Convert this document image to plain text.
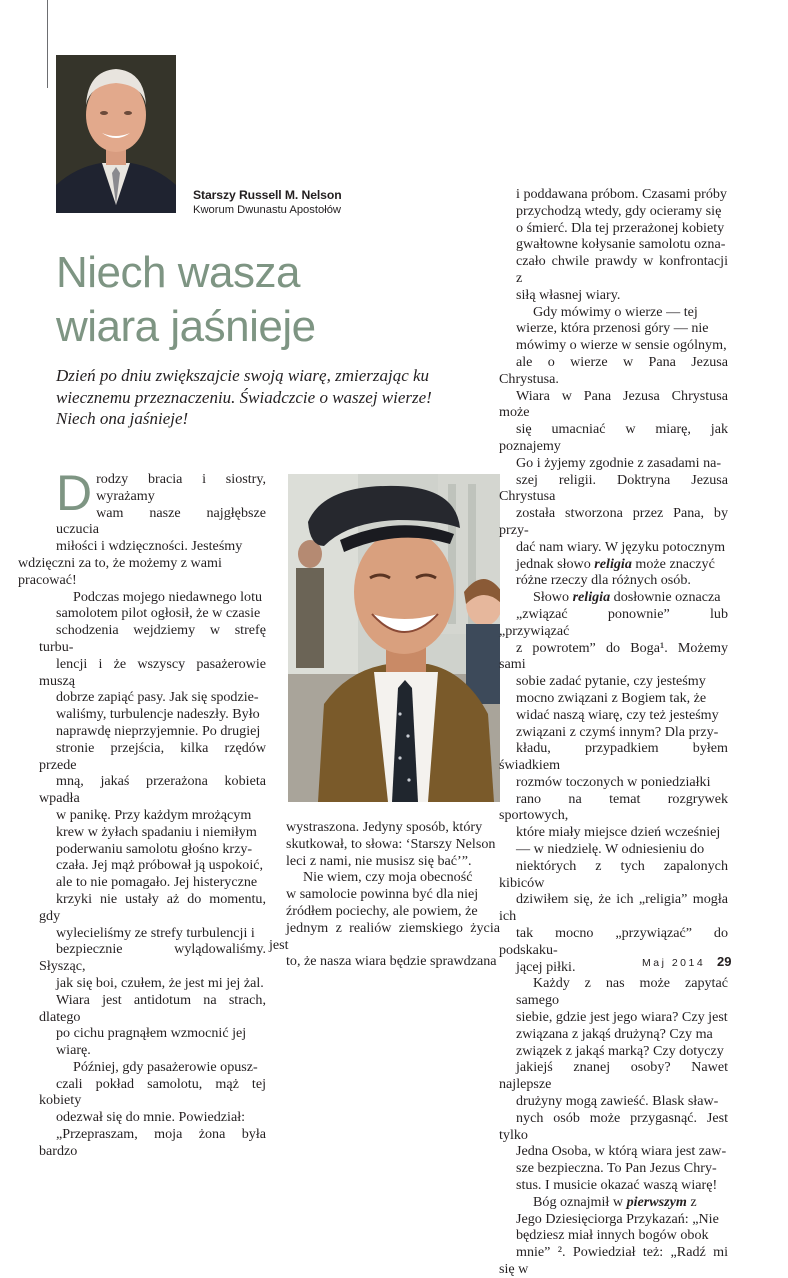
Starszy Russell M. Nelson
Kworum Dwunastu Apostołów
Niech wasza
wiara jaśnieje

Dzień po dniu zwiększajcie swoją wiarę, zmierzając ku
wiecznemu przeznaczeniu. Świadczcie o waszej wierze!
Niech ona jaśnieje!

D rodzy bracia i siostry, wyrażamy
wam nasze najgłębsze uczucia
miłości i wdzięczności. Jesteśmy
wdzięczni za to, że możemy z wami
pracować!

Podczas mojego niedawnego lotu
samolotem pilot ogłosił, że w czasie
schodzenia wejdziemy w strefę turbu-
lencji i że wszyscy pasażerowie muszą
dobrze zapiąć pasy. Jak się spodzie-
waliśmy, turbulencje nadeszły. Było
naprawdę nieprzyjemnie. Po drugiej
stronie przejścia, kilka rzędów przede
mną, jakaś przerażona kobieta wpadła
w panikę. Przy każdym mrożącym
krew w żyłach spadaniu i niemiłym
poderwaniu samolotu głośno krzy-
czała. Jej mąż próbował ją uspokoić,
ale to nie pomagało. Jej histeryczne
krzyki nie ustały aż do momentu, gdy
wylecieliśmy ze strefy turbulencji i
bezpiecznie wylądowaliśmy. Słysząc,
jak się boi, czułem, że jest mi jej żal.
Wiara jest antidotum na strach, dlatego
po cichu pragnąłem wzmocnić jej
wiarę.

Później, gdy pasażerowie opusz-
czali pokład samolotu, mąż tej kobiety
odezwał się do mnie. Powiedział:
„Przepraszam, moja żona była bardzo

wystraszona. Jedyny sposób, który
skutkował, to słowa: ‘Starszy Nelson
leci z nami, nie musisz się bać’”.

Nie wiem, czy moja obecność
w samolocie powinna być dla niej
źródłem pociechy, ale powiem, że
jednym z realiów ziemskiego życia jest
to, że nasza wiara będzie sprawdzana

i poddawana próbom. Czasami próby
przychodzą wtedy, gdy ocieramy się
o śmierć. Dla tej przerażonej kobiety
gwałtowne kołysanie samolotu ozna-
czało chwile prawdy w konfrontacji z
siłą własnej wiary.

Gdy mówimy o wierze — tej
wierze, która przenosi góry — nie
mówimy o wierze w sensie ogólnym,
ale o wierze w Pana Jezusa Chrystusa.
Wiara w Pana Jezusa Chrystusa może
się umacniać w miarę, jak poznajemy
Go i żyjemy zgodnie z zasadami na-
szej religii. Doktryna Jezusa Chrystusa
została stworzona przez Pana, by przy-
dać nam wiary. W języku potocznym
jednak słowo religia może znaczyć
różne rzeczy dla różnych osób.

Słowo religia dosłownie oznacza
„związać ponownie” lub „przywiązać
z powrotem” do Boga¹. Możemy sami
sobie zadać pytanie, czy jesteśmy
mocno związani z Bogiem tak, że
widać naszą wiarę, czy też jesteśmy
związani z czymś innym? Dla przy-
kładu, przypadkiem byłem świadkiem
rozmów toczonych w poniedziałki
rano na temat rozgrywek sportowych,
które miały miejsce dzień wcześniej
— w niedzielę. W odniesieniu do
niektórych z tych zapalonych kibiców
dziwiłem się, że ich „religia” mogła ich
tak mocno „przywiązać” do podskaku-
jącej piłki.

Każdy z nas może zapytać samego
siebie, gdzie jest jego wiara? Czy jest
związana z jakąś drużyną? Czy ma
związek z jakąś marką? Czy dotyczy
jakiejś znanej osoby? Nawet najlepsze
drużyny mogą zawieść. Blask sław-
nych osób może przygasnąć. Jest tylko
Jedna Osoba, w którą wiara jest zaw-
sze bezpieczna. To Pan Jezus Chry-
stus. I musicie okazać waszą wiarę!

Bóg oznajmił w pierwszym z
Jego Dziesięciorga Przykazań: „Nie
będziesz miał innych bogów obok
mnie” ². Powiedział też: „Radź mi się w

Maj 2014 29
